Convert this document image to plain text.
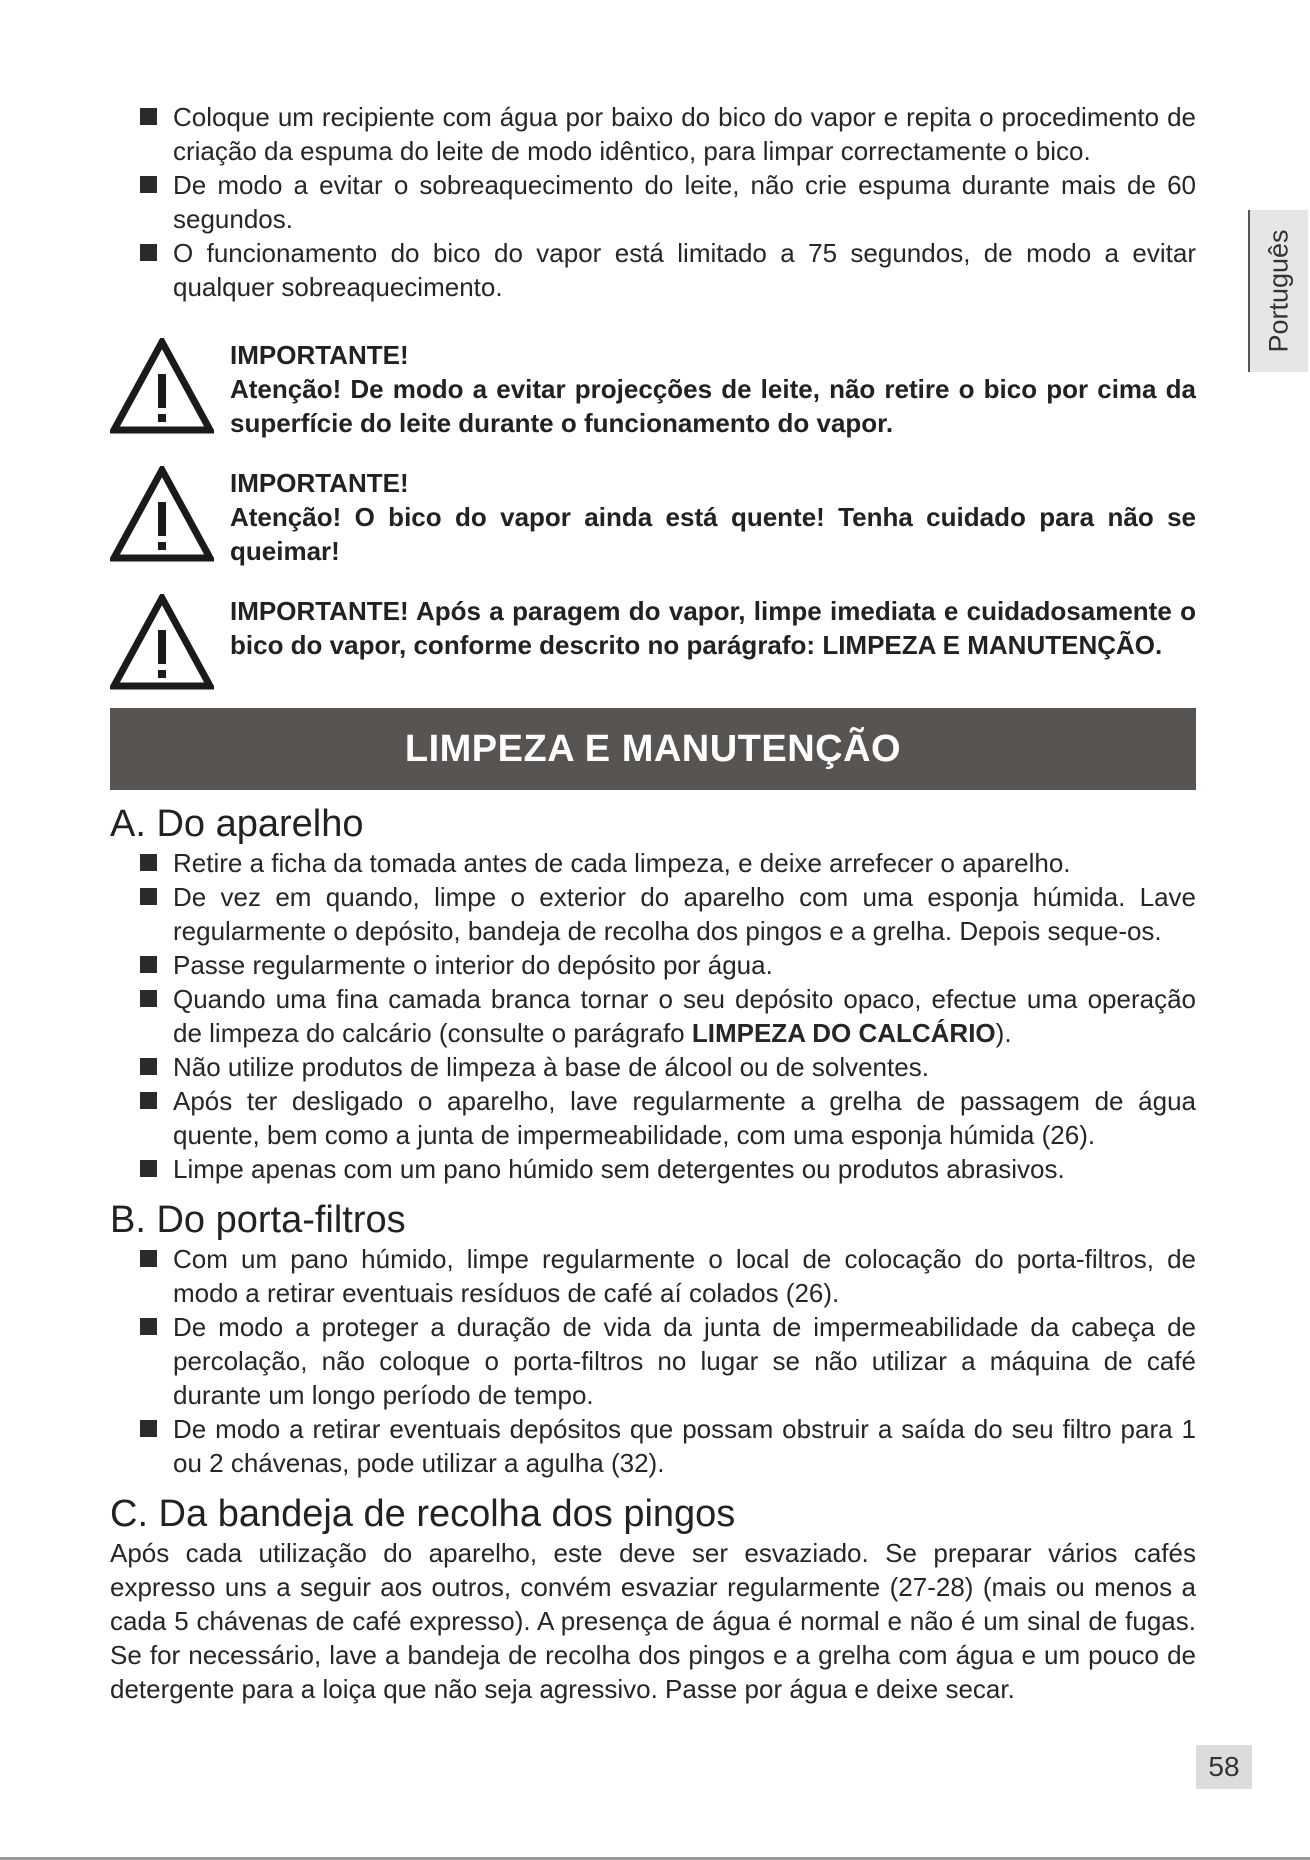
Português
Coloque um recipiente com água por baixo do bico do vapor e repita o procedimento de criação da espuma do leite de modo idêntico, para limpar correctamente o bico.
De modo a evitar o sobreaquecimento do leite, não crie espuma durante mais de 60 segundos.
O funcionamento do bico do vapor está limitado a 75 segundos, de modo a evitar qualquer sobreaquecimento.
IMPORTANTE!
Atenção! De modo a evitar projecções de leite, não retire o bico por cima da superfície do leite durante o funcionamento do vapor.
IMPORTANTE!
Atenção! O bico do vapor ainda está quente! Tenha cuidado para não se queimar!
IMPORTANTE! Após a paragem do vapor, limpe imediata e cuidadosamente o bico do vapor, conforme descrito no parágrafo: LIMPEZA E MANUTENÇÃO.
LIMPEZA E MANUTENÇÃO
A. Do aparelho
Retire a ficha da tomada antes de cada limpeza, e deixe arrefecer o aparelho.
De vez em quando, limpe o exterior do aparelho com uma esponja húmida. Lave regularmente o depósito, bandeja de recolha dos pingos e a grelha. Depois seque-os.
Passe regularmente o interior do depósito por água.
Quando uma fina camada branca tornar o seu depósito opaco, efectue uma operação de limpeza do calcário (consulte o parágrafo LIMPEZA DO CALCÁRIO).
Não utilize produtos de limpeza à base de álcool ou de solventes.
Após ter desligado o aparelho, lave regularmente a grelha de passagem de água quente, bem como a junta de impermeabilidade, com uma esponja húmida (26).
Limpe apenas com um pano húmido sem detergentes ou produtos abrasivos.
B. Do porta-filtros
Com um pano húmido, limpe regularmente o local de colocação do porta-filtros, de modo a retirar eventuais resíduos de café aí colados (26).
De modo a proteger a duração de vida da junta de impermeabilidade da cabeça de percolação, não coloque o porta-filtros no lugar se não utilizar a máquina de café durante um longo período de tempo.
De modo a retirar eventuais depósitos que possam obstruir a saída do seu filtro para 1 ou 2 chávenas, pode utilizar a agulha (32).
C. Da bandeja de recolha dos pingos

Após cada utilização do aparelho, este deve ser esvaziado. Se preparar vários cafés expresso uns a seguir aos outros, convém esvaziar regularmente (27-28) (mais ou menos a cada 5 chávenas de café expresso). A presença de água é normal e não é um sinal de fugas. Se for necessário, lave a bandeja de recolha dos pingos e a grelha com água e um pouco de detergente para a loiça que não seja agressivo. Passe por água e deixe secar.

58
